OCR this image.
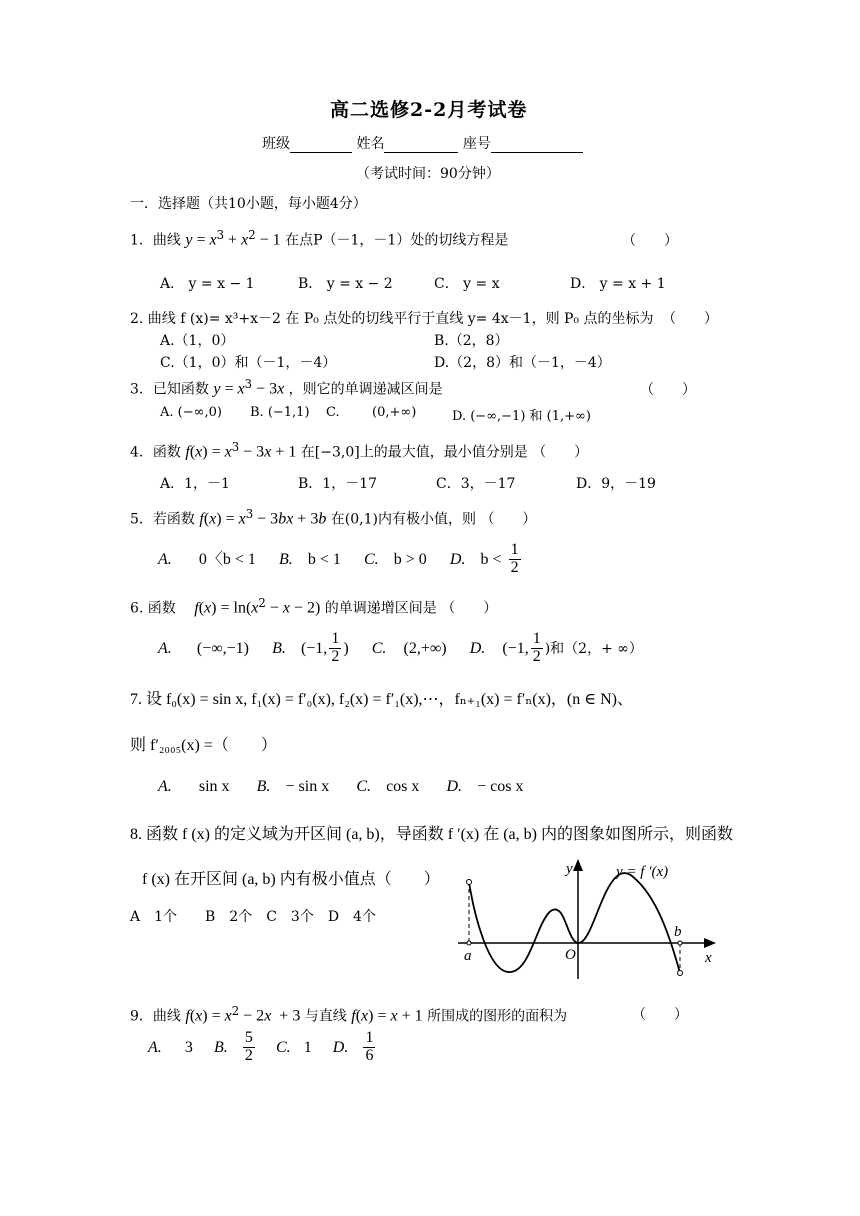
高二选修2-2月考试卷
班级	姓名	座号
（考试时间：90分钟）
一．选择题（共10小题，每小题4分）
1．曲线 $y = x^3 + x^2 - 1$ 在点P（－1，－1）处的切线方程是	（　　）
A． y = x − 1	B． y = x − 2	C． y = x	D． y = x + 1
2. 曲线 f (x)= x³+x－2 在 P₀ 点处的切线平行于直线 y= 4x－1，则 P₀ 点的坐标为 （　　）
A.（1，0）	B.（2，8）
C.（1，0）和（－1，－4）	D.（2，8）和（－1，－4）
3．已知函数 $y = x^3 - 3x$ ，则它的单调递减区间是	（　　）
A. (−∞,0) B. (−1,1) C. (0,+∞)	D. (−∞,−1) 和 (1,+∞)
4．函数 $f(x) = x^3 - 3x + 1$ 在[−3,0]上的最大值，最小值分别是 （　　）
A．1，－1	B．1，－17	C．3，－17	D．9，－19
5．若函数 $f(x) = x^3 - 3bx + 3b$ 在(0,1)内有极小值，则 （　　）
A. 0〈b < 1 B. b < 1 C. b > 0 D. $b < \frac{1}{2}$
6. 函数 $f(x) = \ln(x^2 - x - 2)$ 的单调递增区间是 （　　）
A. (−∞,−1) B. (−1, $\frac{1}{2}$ ) C. (2,+∞) D. (−1, $\frac{1}{2}$ )和（2，+ ∞）
7. 设 f₀(x) = sin x, f₁(x) = f′₀(x), f₂(x) = f′₁(x),⋯，fₙ₊₁(x) = f′ₙ(x)，(n ∈ N)、
则 f′₂₀₀₅(x) =（　　）
A. sin x B. − sin x C. cos x D. − cos x
8. 函数 f (x) 的定义域为开区间 (a, b)，导函数 f ′(x) 在 (a, b) 内的图象如图所示，则函数
f (x) 在开区间 (a, b) 内有极小值点（　　）
A　1个　　B　2个　C　3个　D　4个
y
x
O
a
b
y = f ′(x)
9．曲线 $f(x) = x^2 - 2x + 3$ 与直线 f(x) = x + 1 所围成的图形的面积为	（　　）
A. 3 B. $\frac{5}{2} C$. 1 D. $\frac{1}{6}$
